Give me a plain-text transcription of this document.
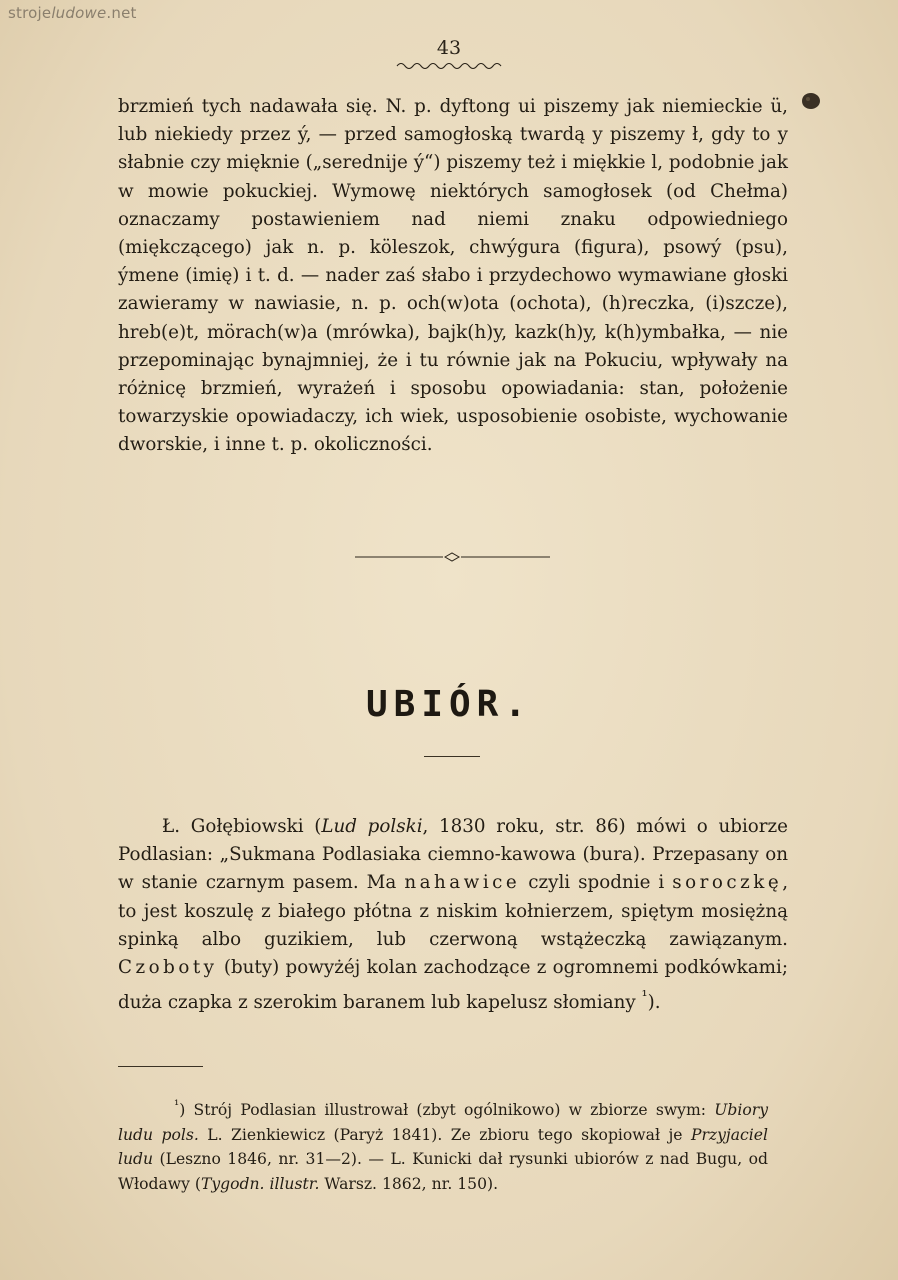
strojeludowe.net
43

brzmień tych nadawała się. N. p. dyftong ui piszemy jak niemieckie ü, lub niekiedy przez ý, — przed samogłoską twardą y piszemy ł, gdy to y słabnie czy mięknie („serednije ý“) piszemy też i miękkie l, podobnie jak w mowie pokuckiej. Wymowę niektórych samogłosek (od Chełma) oznaczamy postawieniem nad niemi znaku odpowiedniego (miękczącego) jak n. p. köleszok, chwýgura (figura), psowý (psu), ýmene (imię) i t. d. — nader zaś słabo i przydechowo wymawiane głoski zawieramy w nawiasie, n. p. och(w)ota (ochota), (h)reczka, (i)szcze), hreb(e)t, mörach(w)a (mrówka), bajk(h)y, kazk(h)y, k(h)ymbałka, — nie przepominając bynajmniej, że i tu równie jak na Pokuciu, wpływały na różnicę brzmień, wyrażeń i sposobu opowiadania: stan, położenie towarzyskie opowiadaczy, ich wiek, usposobienie osobiste, wychowanie dworskie, i inne t. p. okoliczności.

UBIÓR.

Ł. Gołębiowski (Lud polski, 1830 roku, str. 86) mówi o ubiorze Podlasian: „Sukmana Podlasiaka ciemno-kawowa (bura). Przepasany on w stanie czarnym pasem. Ma nahawice czyli spodnie i soroczkę, to jest koszulę z białego płótna z niskim kołnierzem, spiętym mosiężną spinką albo guzikiem, lub czerwoną wstążeczką zawiązanym. Czoboty (buty) powyżéj kolan zachodzące z ogromnemi podkówkami; duża czapka z szerokim baranem lub kapelusz słomiany $^{^1}$).

$^{^1}$) Strój Podlasian illustrował (zbyt ogólnikowo) w zbiorze swym: Ubiory ludu pols. L. Zienkiewicz (Paryż 1841). Ze zbioru tego skopiował je Przyjaciel ludu (Leszno 1846, nr. 31—2). — L. Kunicki dał rysunki ubiorów z nad Bugu, od Włodawy (Tygodn. illustr. Warsz. 1862, nr. 150).
